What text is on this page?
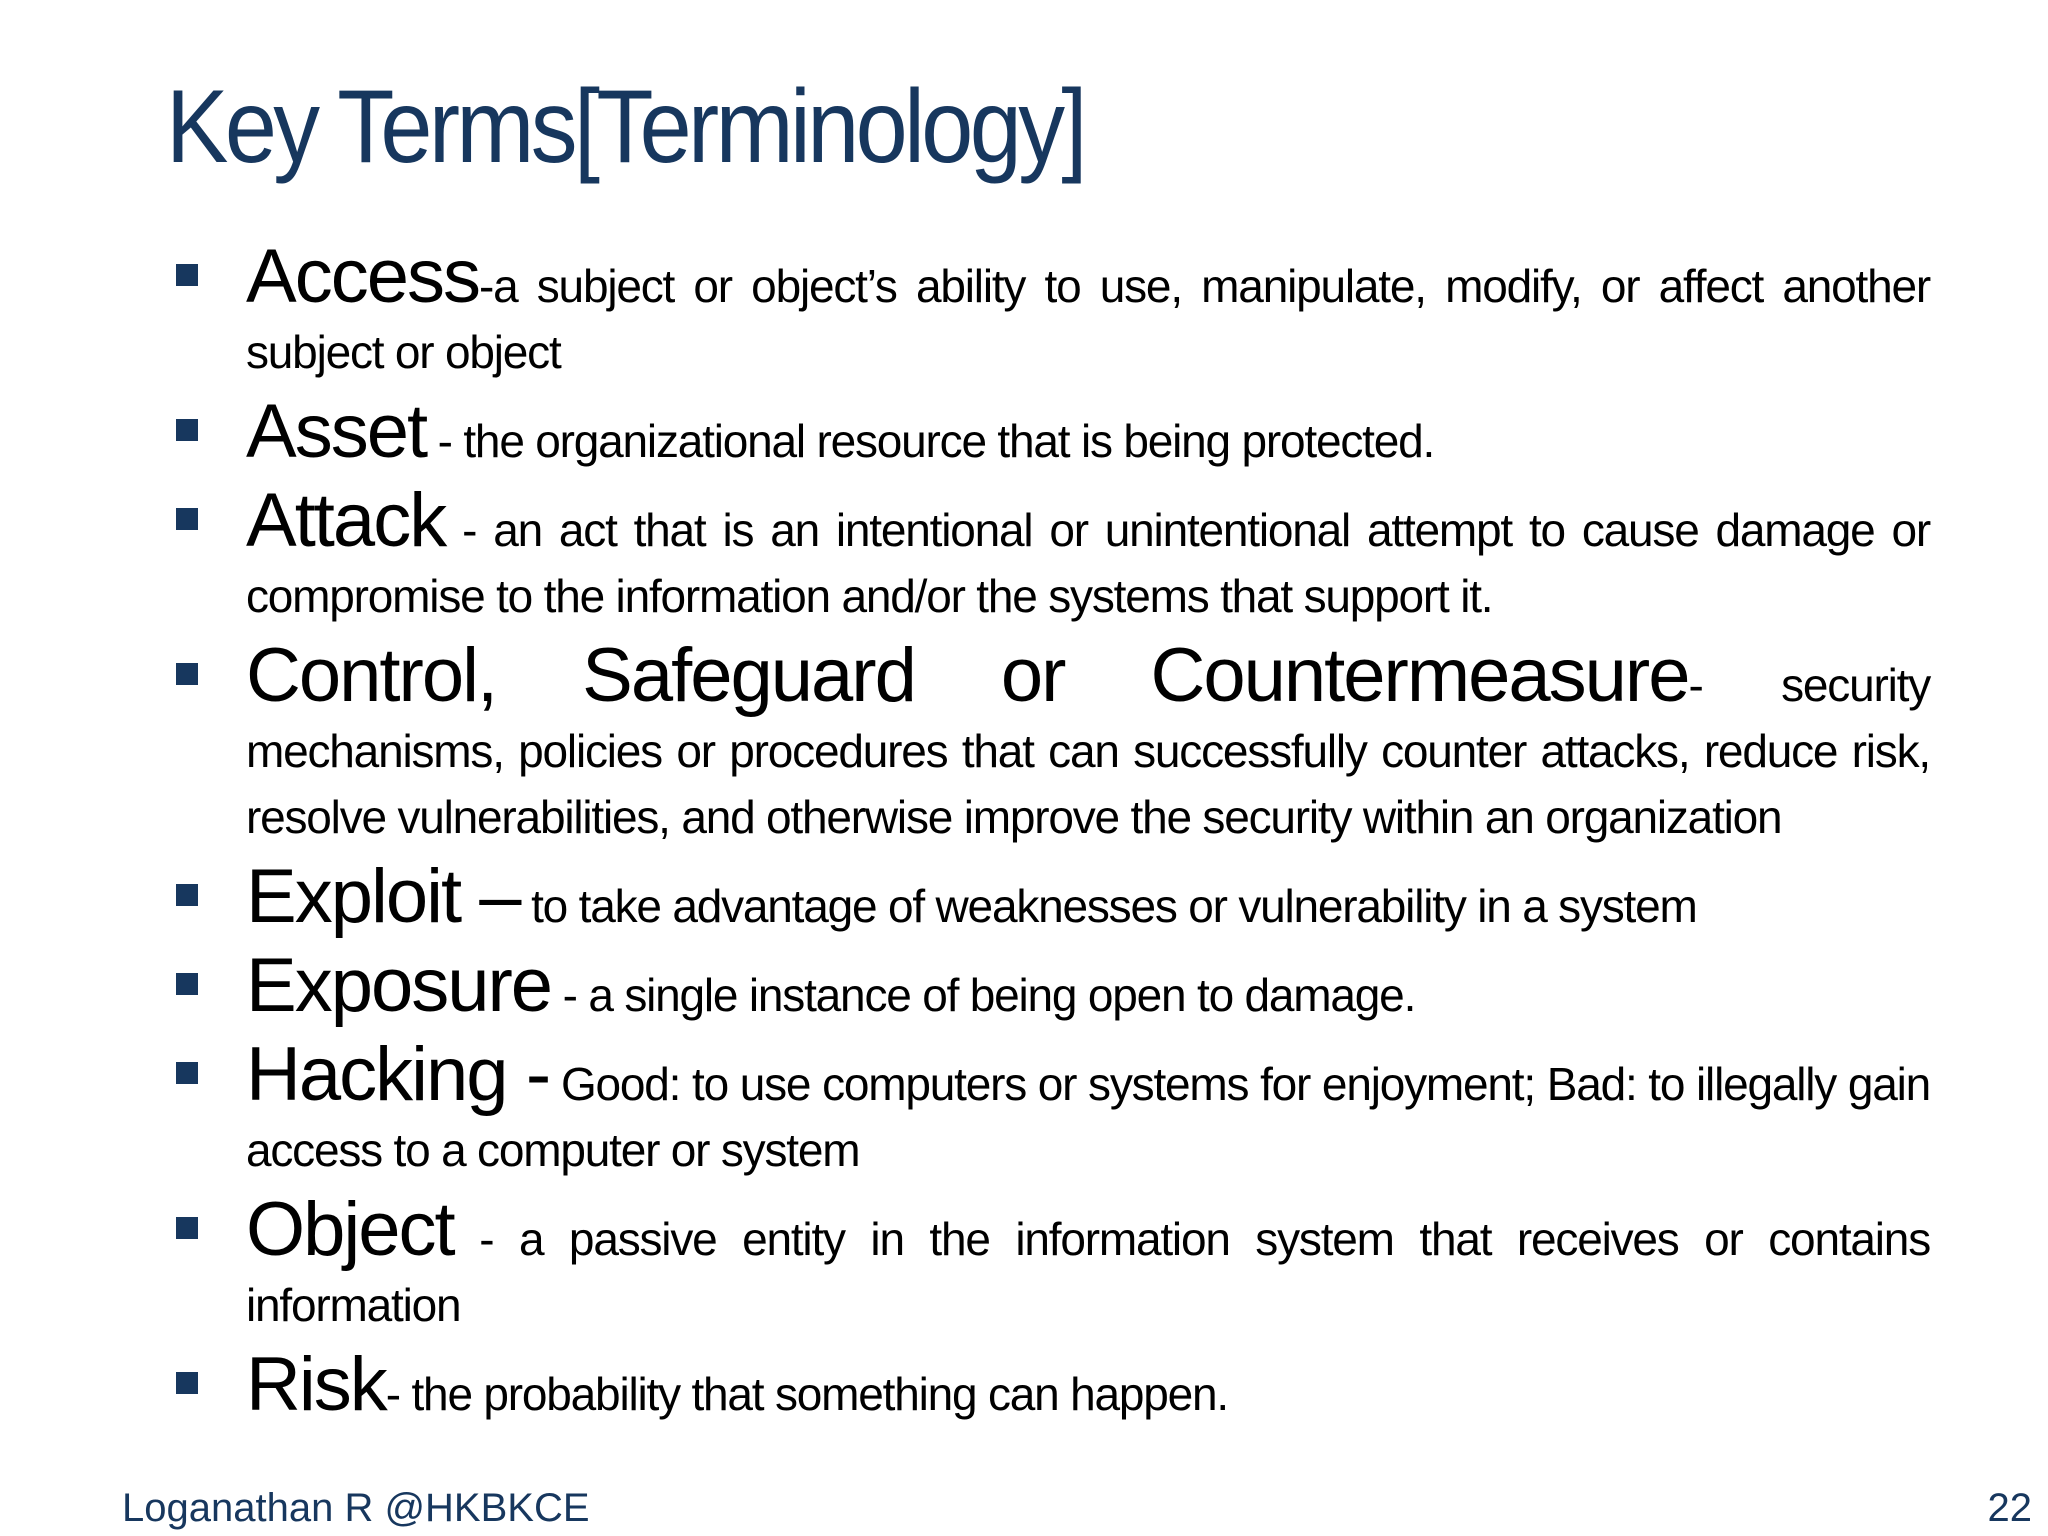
Key Terms[Terminology]
Access-a subject or object’s ability to use, manipulate, modify, or affect another subject or object
Asset - the organizational resource that is being protected.
Attack - an act that is an intentional or unintentional attempt to cause damage or compromise to the information and/or the systems that support it.
Control, Safeguard or Countermeasure- security mechanisms, policies or procedures that can successfully counter attacks, reduce risk, resolve vulnerabilities, and otherwise improve the security within an organization
Exploit – to take advantage of weaknesses or vulnerability in a system
Exposure - a single instance of being open to damage.
Hacking - Good: to use computers or systems for enjoyment; Bad: to illegally gain access to a computer or system
Object - a passive entity in the information system that receives or contains information
Risk- the probability that something can happen.
Loganathan R @HKBKCE	22
